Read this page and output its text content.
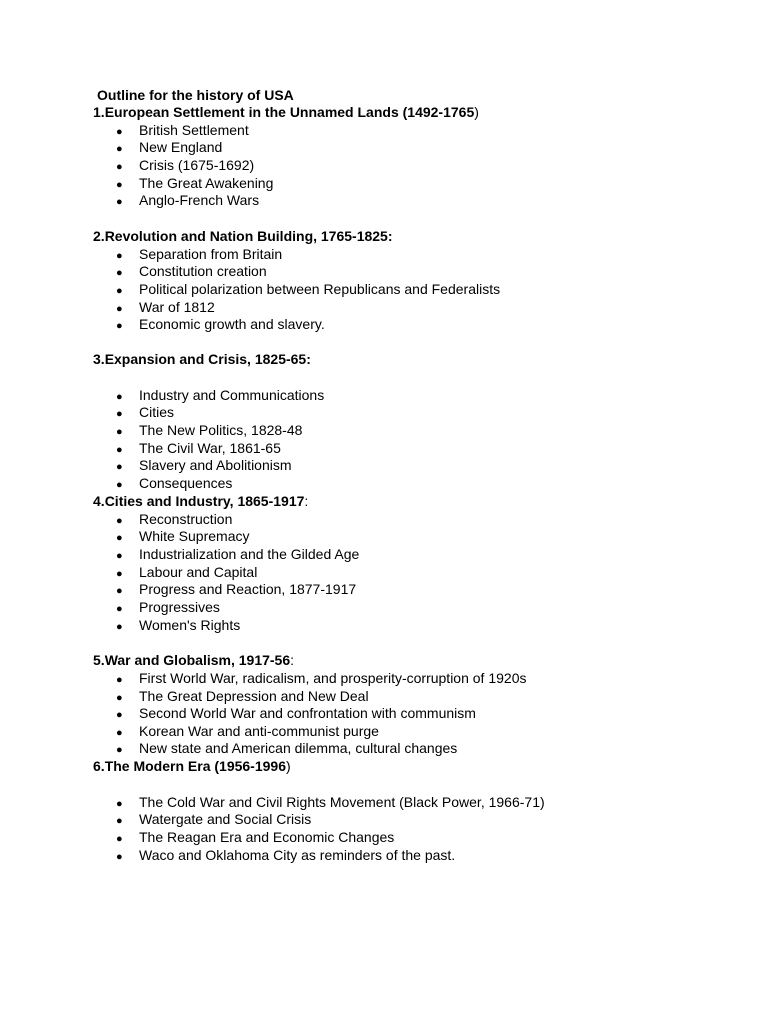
Outline for the history of USA
1.European Settlement in the Unnamed Lands (1492-1765)
● British Settlement
● New England
● Crisis (1675-1692)
● The Great Awakening
● Anglo-French Wars
2.Revolution and Nation Building, 1765-1825:
● Separation from Britain
● Constitution creation
● Political polarization between Republicans and Federalists
● War of 1812
● Economic growth and slavery.
3.Expansion and Crisis, 1825-65:
● Industry and Communications
● Cities
● The New Politics, 1828-48
● The Civil War, 1861-65
● Slavery and Abolitionism
● Consequences
4.Cities and Industry, 1865-1917:
● Reconstruction
● White Supremacy
● Industrialization and the Gilded Age
● Labour and Capital
● Progress and Reaction, 1877-1917
● Progressives
● Women's Rights
5.War and Globalism, 1917-56:
● First World War, radicalism, and prosperity-corruption of 1920s
● The Great Depression and New Deal
● Second World War and confrontation with communism
● Korean War and anti-communist purge
● New state and American dilemma, cultural changes
6.The Modern Era (1956-1996)
● The Cold War and Civil Rights Movement (Black Power, 1966-71)
● Watergate and Social Crisis
● The Reagan Era and Economic Changes
● Waco and Oklahoma City as reminders of the past.
